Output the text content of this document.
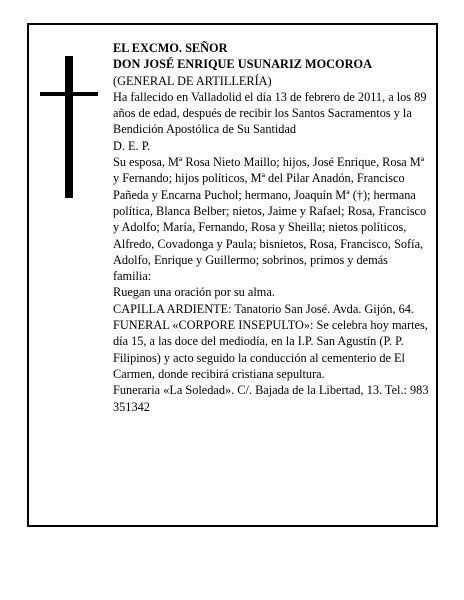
EL EXCMO. SEÑOR

DON JOSÉ ENRIQUE USUNARIZ MOCOROA

(GENERAL DE ARTILLERÍA)

Ha fallecido en Valladolid el día 13 de febrero de 2011, a los 89 años de edad, después de recibir los Santos Sacramentos y la Bendición Apostólica de Su Santidad

D. E. P.

Su esposa, Mª Rosa Nieto Maillo; hijos, José Enrique, Rosa Mª y Fernando; hijos políticos, Mª del Pilar Anadón, Francisco Pañeda y Encarna Puchol; hermano, Joaquín Mª (†); hermana política, Blanca Belber; nietos, Jaime y Rafael; Rosa, Francisco y Adolfo; María, Fernando, Rosa y Sheilla; nietos políticos, Alfredo, Covadonga y Paula; bisnietos, Rosa, Francisco, Sofía, Adolfo, Enrique y Guillermo; sobrinos, primos y demás familia:

Ruegan una oración por su alma.

CAPILLA ARDIENTE: Tanatorio San José. Avda. Gijón, 64.

FUNERAL «CORPORE INSEPULTO»: Se celebra hoy martes, día 15, a las doce del mediodía, en la I.P. San Agustín (P. P. Filipinos) y acto seguido la conducción al cementerio de El Carmen, donde recibirá cristiana sepultura.

Funeraria «La Soledad». C/. Bajada de la Libertad, 13. Tel.: 983 351342
